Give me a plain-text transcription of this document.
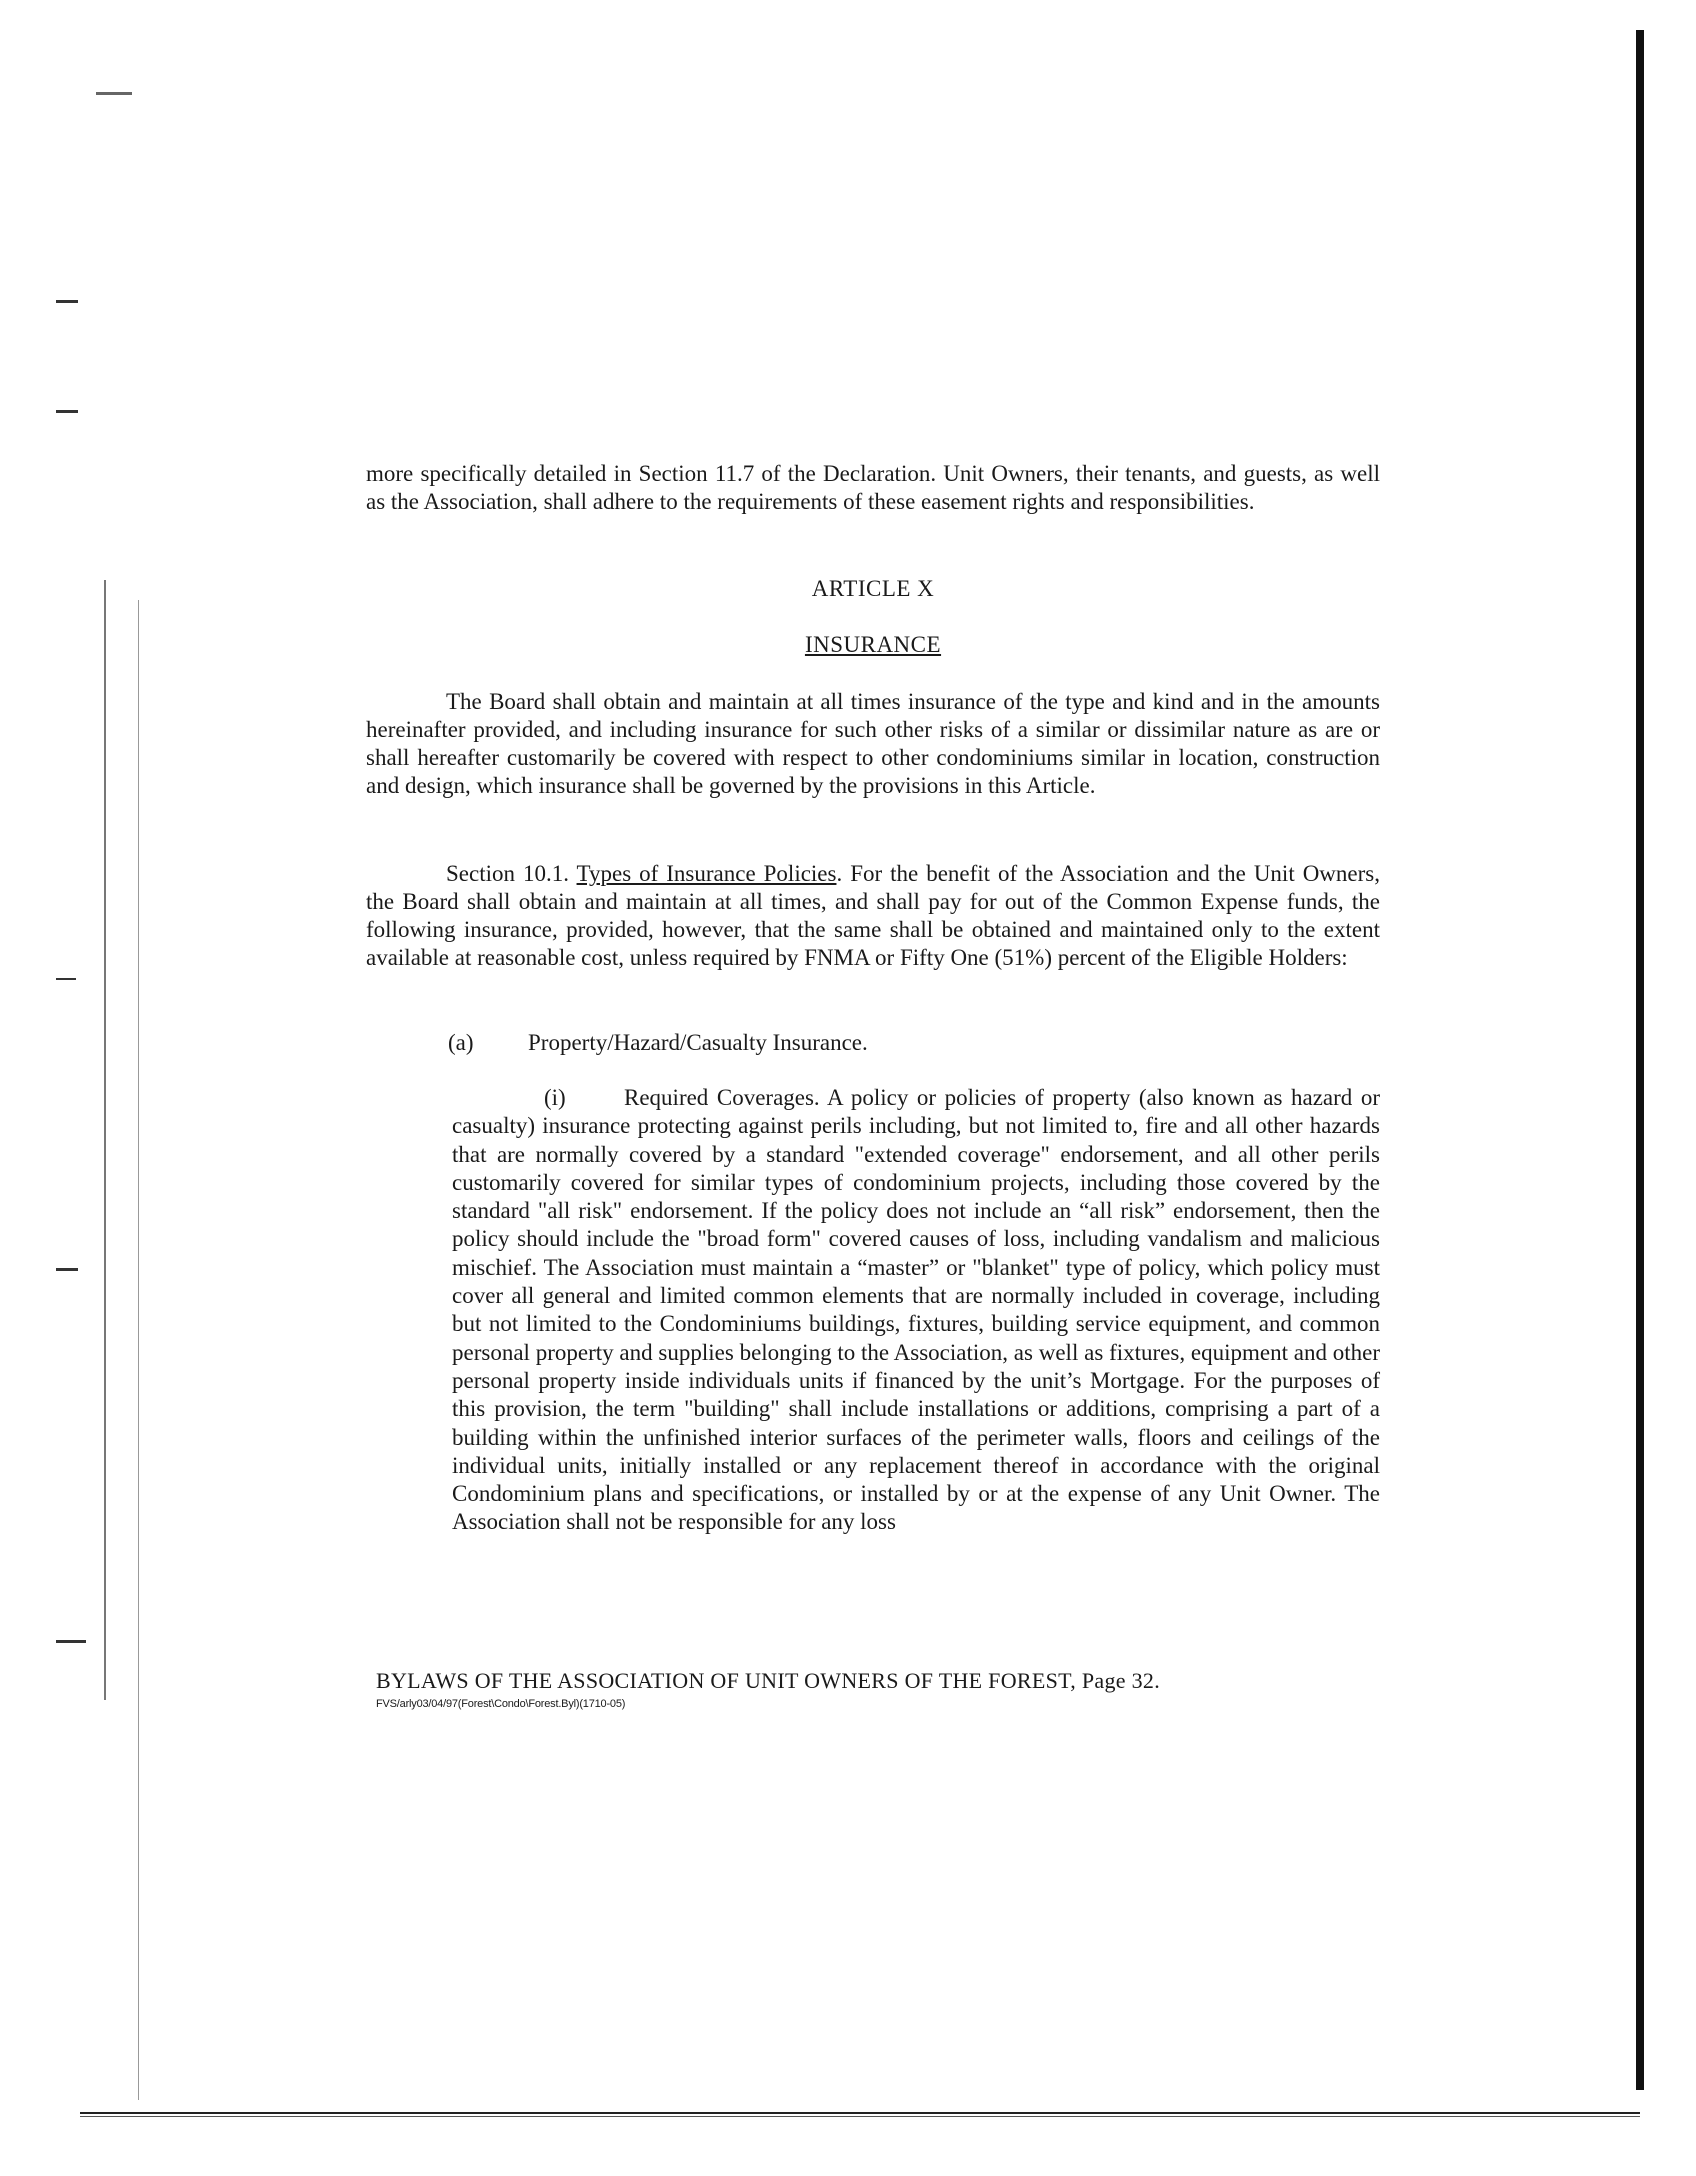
more specifically detailed in Section 11.7 of the Declaration. Unit Owners, their tenants, and guests, as well as the Association, shall adhere to the requirements of these easement rights and responsibilities.
ARTICLE X
INSURANCE
The Board shall obtain and maintain at all times insurance of the type and kind and in the amounts hereinafter provided, and including insurance for such other risks of a similar or dissimilar nature as are or shall hereafter customarily be covered with respect to other condominiums similar in location, construction and design, which insurance shall be governed by the provisions in this Article.
Section 10.1. Types of Insurance Policies. For the benefit of the Association and the Unit Owners, the Board shall obtain and maintain at all times, and shall pay for out of the Common Expense funds, the following insurance, provided, however, that the same shall be obtained and maintained only to the extent available at reasonable cost, unless required by FNMA or Fifty One (51%) percent of the Eligible Holders:
(a) Property/Hazard/Casualty Insurance.
(i)	Required Coverages. A policy or policies of property (also known as hazard or casualty) insurance protecting against perils including, but not limited to, fire and all other hazards that are normally covered by a standard "extended coverage" endorsement, and all other perils customarily covered for similar types of condominium projects, including those covered by the standard "all risk" endorsement. If the policy does not include an “all risk” endorsement, then the policy should include the "broad form" covered causes of loss, including vandalism and malicious mischief. The Association must maintain a “master” or "blanket" type of policy, which policy must cover all general and limited common elements that are normally included in coverage, including but not limited to the Condominiums buildings, fixtures, building service equipment, and common personal property and supplies belonging to the Association, as well as fixtures, equipment and other personal property inside individuals units if financed by the unit’s Mortgage. For the purposes of this provision, the term "building" shall include installations or additions, comprising a part of a building within the unfinished interior surfaces of the perimeter walls, floors and ceilings of the individual units, initially installed or any replacement thereof in accordance with the original Condominium plans and specifications, or installed by or at the expense of any Unit Owner. The Association shall not be responsible for any loss
BYLAWS OF THE ASSOCIATION OF UNIT OWNERS OF THE FOREST, Page 32.
FVS/arly03/04/97(Forest\Condo\Forest.Byl)(1710-05)
